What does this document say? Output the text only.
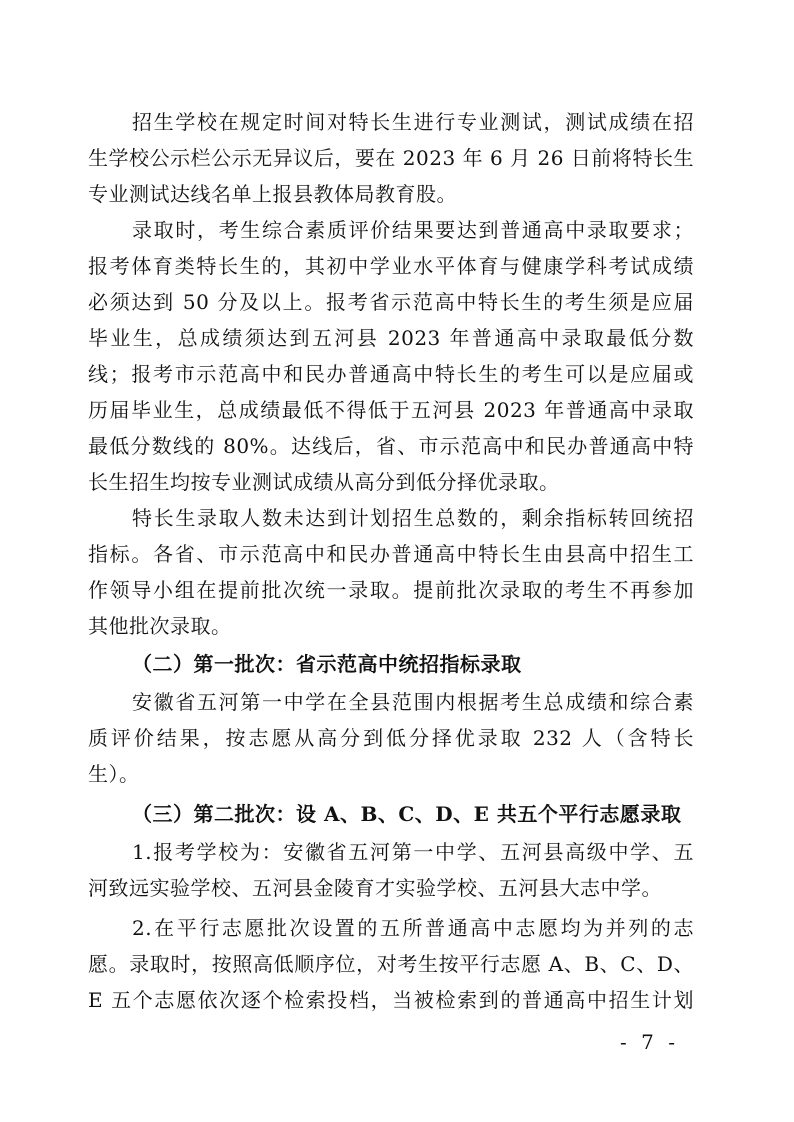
招生学校在规定时间对特长生进行专业测试，测试成绩在招
生学校公示栏公示无异议后，要在 2023 年 6 月 26 日前将特长生
专业测试达线名单上报县教体局教育股。
录取时，考生综合素质评价结果要达到普通高中录取要求；
报考体育类特长生的，其初中学业水平体育与健康学科考试成绩
必须达到 50 分及以上。报考省示范高中特长生的考生须是应届
毕业生，总成绩须达到五河县 2023 年普通高中录取最低分数
线；报考市示范高中和民办普通高中特长生的考生可以是应届或
历届毕业生，总成绩最低不得低于五河县 2023 年普通高中录取
最低分数线的 80%。达线后，省、市示范高中和民办普通高中特
长生招生均按专业测试成绩从高分到低分择优录取。
特长生录取人数未达到计划招生总数的，剩余指标转回统招
指标。各省、市示范高中和民办普通高中特长生由县高中招生工
作领导小组在提前批次统一录取。提前批次录取的考生不再参加
其他批次录取。
（二）第一批次：省示范高中统招指标录取
安徽省五河第一中学在全县范围内根据考生总成绩和综合素
质评价结果，按志愿从高分到低分择优录取 232 人（含特长
生）。
（三）第二批次：设 A、B、C、D、E 共五个平行志愿录取
1.报考学校为：安徽省五河第一中学、五河县高级中学、五
河致远实验学校、五河县金陵育才实验学校、五河县大志中学。
2.在平行志愿批次设置的五所普通高中志愿均为并列的志
愿。录取时，按照高低顺序位，对考生按平行志愿 A、B、C、D、
E 五个志愿依次逐个检索投档，当被检索到的普通高中招生计划
- 7 -
